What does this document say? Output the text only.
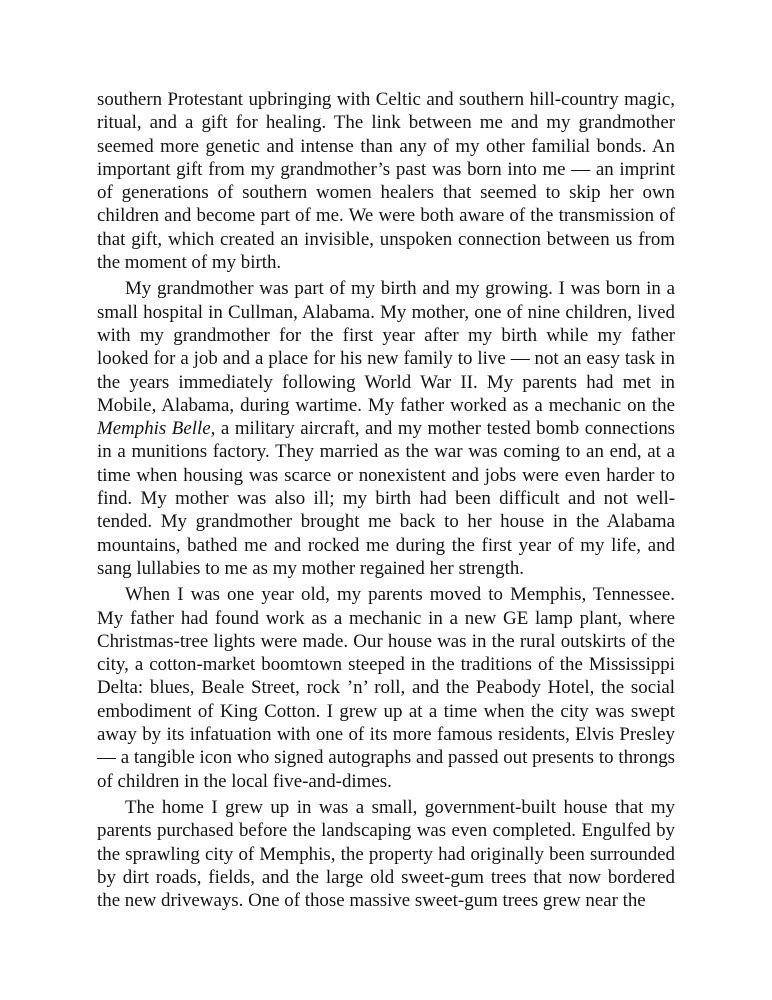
southern Protestant upbringing with Celtic and southern hill-country magic, ritual, and a gift for healing. The link between me and my grandmother seemed more genetic and intense than any of my other familial bonds. An important gift from my grandmother’s past was born into me — an imprint of generations of southern women healers that seemed to skip her own children and become part of me. We were both aware of the transmission of that gift, which created an invisible, unspoken connection between us from the moment of my birth.

My grandmother was part of my birth and my growing. I was born in a small hospital in Cullman, Alabama. My mother, one of nine children, lived with my grandmother for the first year after my birth while my father looked for a job and a place for his new family to live — not an easy task in the years immediately following World War II. My parents had met in Mobile, Alabama, during wartime. My father worked as a mechanic on the Memphis Belle, a military aircraft, and my mother tested bomb connections in a munitions factory. They married as the war was coming to an end, at a time when housing was scarce or nonexistent and jobs were even harder to find. My mother was also ill; my birth had been difficult and not well-tended. My grandmother brought me back to her house in the Alabama mountains, bathed me and rocked me during the first year of my life, and sang lullabies to me as my mother regained her strength.

When I was one year old, my parents moved to Memphis, Tennessee. My father had found work as a mechanic in a new GE lamp plant, where Christmas-tree lights were made. Our house was in the rural outskirts of the city, a cotton-market boomtown steeped in the traditions of the Mississippi Delta: blues, Beale Street, rock ’n’ roll, and the Peabody Hotel, the social embodiment of King Cotton. I grew up at a time when the city was swept away by its infatuation with one of its more famous residents, Elvis Presley — a tangible icon who signed autographs and passed out presents to throngs of children in the local five-and-dimes.

The home I grew up in was a small, government-built house that my parents purchased before the landscaping was even completed. Engulfed by the sprawling city of Memphis, the property had originally been surrounded by dirt roads, fields, and the large old sweet-gum trees that now bordered the new driveways. One of those massive sweet-gum trees grew near the
